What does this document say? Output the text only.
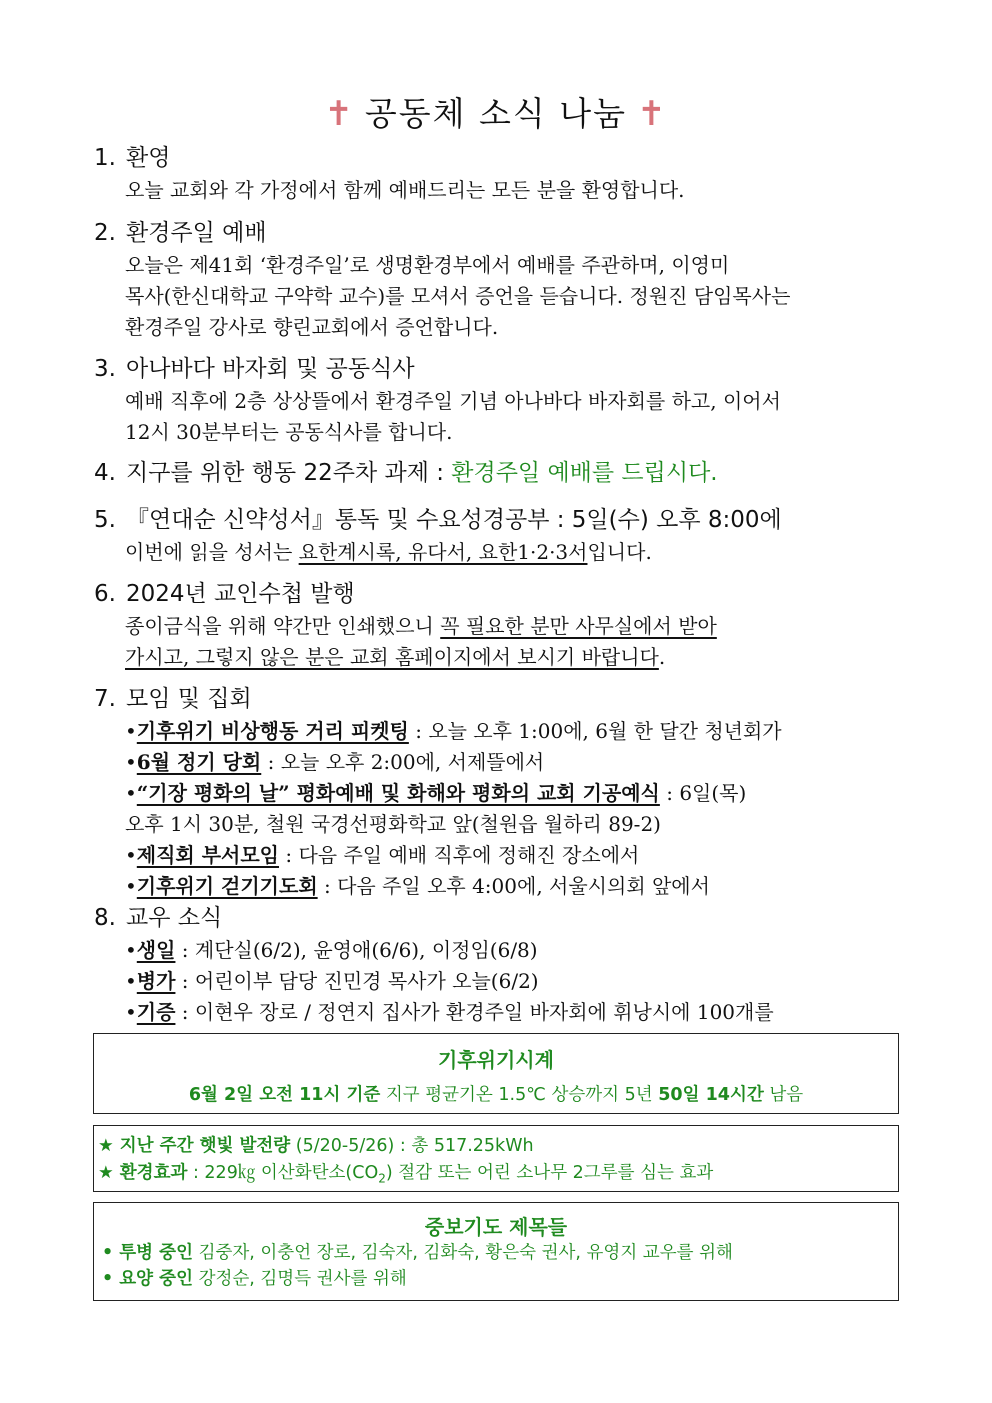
✝ 공동체 소식 나눔 ✝
1. 환영
오늘 교회와 각 가정에서 함께 예배드리는 모든 분을 환영합니다.
2. 환경주일 예배
오늘은 제41회 ‘환경주일’로 생명환경부에서 예배를 주관하며, 이영미
목사(한신대학교 구약학 교수)를 모셔서 증언을 듣습니다. 정원진 담임목사는
환경주일 강사로 향린교회에서 증언합니다.
3. 아나바다 바자회 및 공동식사
예배 직후에 2층 상상뜰에서 환경주일 기념 아나바다 바자회를 하고, 이어서
12시 30분부터는 공동식사를 합니다.
4. 지구를 위한 행동 22주차 과제 : 환경주일 예배를 드립시다.
5. 『연대순 신약성서』통독 및 수요성경공부 : 5일(수) 오후 8:00에
이번에 읽을 성서는 요한계시록, 유다서, 요한1·2·3서입니다.
6. 2024년 교인수첩 발행
종이금식을 위해 약간만 인쇄했으니 꼭 필요한 분만 사무실에서 받아
가시고, 그렇지 않은 분은 교회 홈페이지에서 보시기 바랍니다.
7. 모임 및 집회
•기후위기 비상행동 거리 피켓팅 : 오늘 오후 1:00에, 6월 한 달간 청년회가
•6월 정기 당회 : 오늘 오후 2:00에, 서제뜰에서
•“기장 평화의 날” 평화예배 및 화해와 평화의 교회 기공예식 : 6일(목)
오후 1시 30분, 철원 국경선평화학교 앞(철원읍 월하리 89-2)
•제직회 부서모임 : 다음 주일 예배 직후에 정해진 장소에서
•기후위기 걷기기도회 : 다음 주일 오후 4:00에, 서울시의회 앞에서
8. 교우 소식
•생일 : 계단실(6/2), 윤영애(6/6), 이정임(6/8)
•병가 : 어린이부 담당 진민경 목사가 오늘(6/2)
•기증 : 이현우 장로 / 정연지 집사가 환경주일 바자회에 휘낭시에 100개를
기후위기시계
6월 2일 오전 11시 기준 지구 평균기온 1.5℃ 상승까지 5년 50일 14시간 남음
★ 지난 주간 햇빛 발전량 (5/20-5/26) : 총 517.25kWh
★ 환경효과 : 229㎏ 이산화탄소$(CO_2)$ 절감 또는 어린 소나무 2그루를 심는 효과
중보기도 제목들
• 투병 중인 김중자, 이충언 장로, 김숙자, 김화숙, 황은숙 권사, 유영지 교우를 위해
• 요양 중인 강정순, 김명득 권사를 위해
